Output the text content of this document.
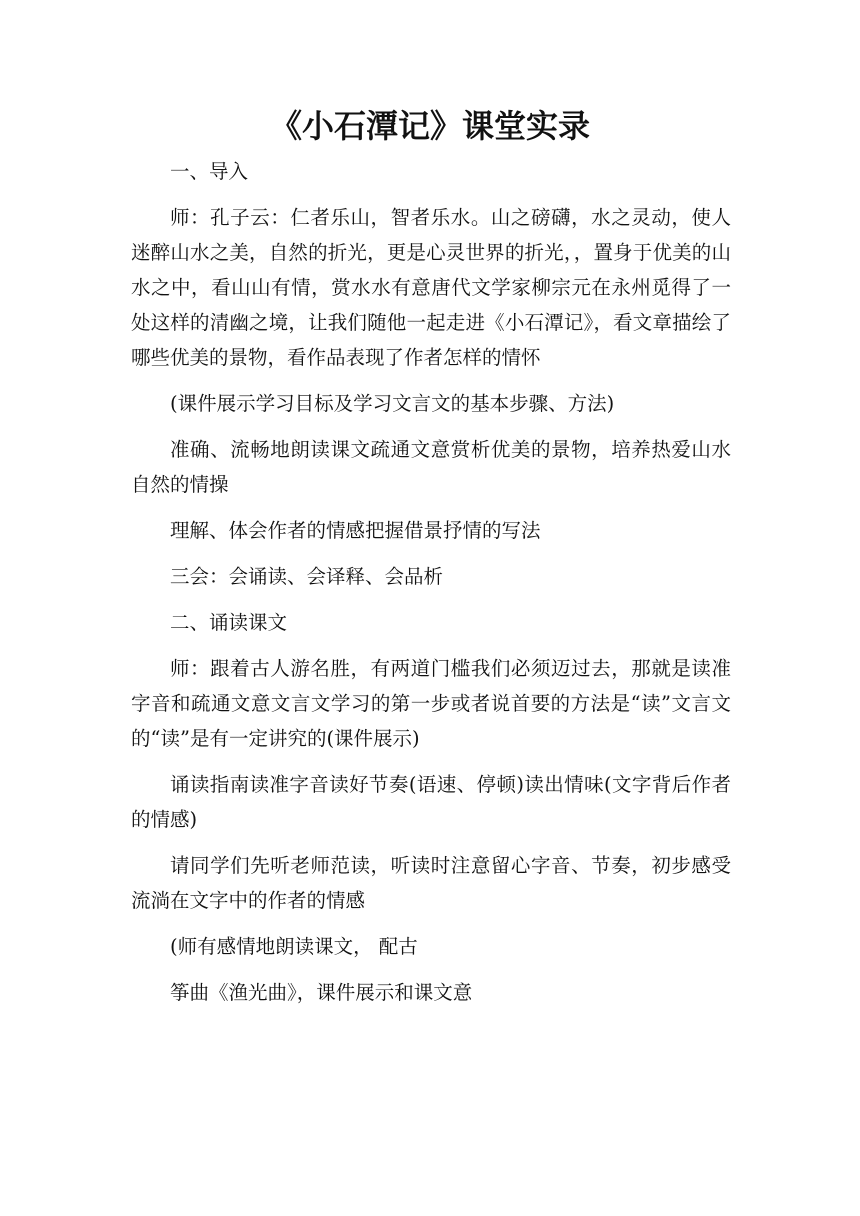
《小石潭记》课堂实录

一、导入

师：孔子云：仁者乐山，智者乐水。山之磅礴，水之灵动，使人迷醉山水之美，自然的折光，更是心灵世界的折光，，置身于优美的山水之中，看山山有情，赏水水有意唐代文学家柳宗元在永州觅得了一处这样的清幽之境，让我们随他一起走进《小石潭记》，看文章描绘了哪些优美的景物，看作品表现了作者怎样的情怀

(课件展示学习目标及学习文言文的基本步骤、方法)

准确、流畅地朗读课文疏通文意赏析优美的景物，培养热爱山水自然的情操

理解、体会作者的情感把握借景抒情的写法

三会：会诵读、会译释、会品析

二、诵读课文

师：跟着古人游名胜，有两道门槛我们必须迈过去，那就是读准字音和疏通文意文言文学习的第一步或者说首要的方法是“读”文言文的“读”是有一定讲究的(课件展示)

诵读指南读准字音读好节奏(语速、停顿)读出情味(文字背后作者的情感)

请同学们先听老师范读，听读时注意留心字音、节奏，初步感受流淌在文字中的作者的情感

(师有感情地朗读课文， 配古

筝曲《渔光曲》，课件展示和课文意
